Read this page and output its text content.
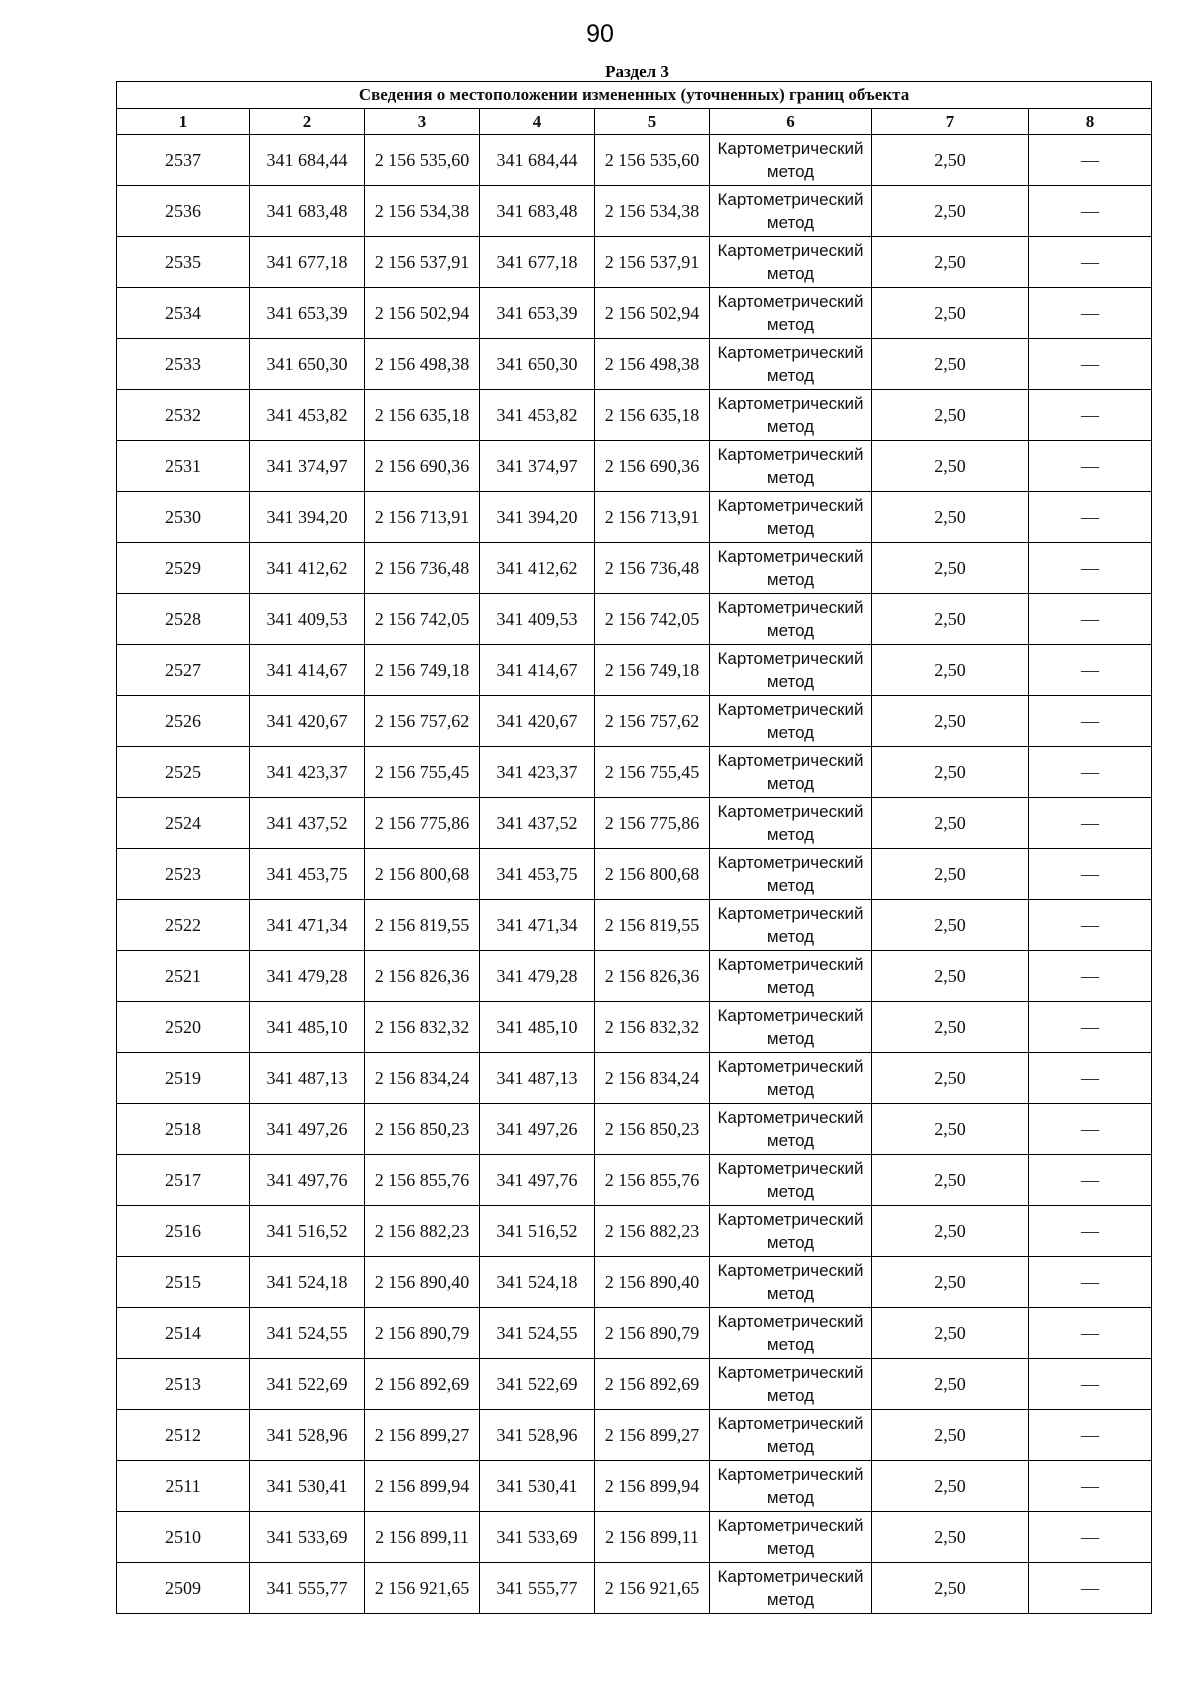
90
Раздел 3
Сведения о местоположении измененных (уточненных) границ объекта							
1	2	3	4	5	6	7	8
2537	341 684,44	2 156 535,60	341 684,44	2 156 535,60	Картометрический метод	2,50	—
2536	341 683,48	2 156 534,38	341 683,48	2 156 534,38	Картометрический метод	2,50	—
2535	341 677,18	2 156 537,91	341 677,18	2 156 537,91	Картометрический метод	2,50	—
2534	341 653,39	2 156 502,94	341 653,39	2 156 502,94	Картометрический метод	2,50	—
2533	341 650,30	2 156 498,38	341 650,30	2 156 498,38	Картометрический метод	2,50	—
2532	341 453,82	2 156 635,18	341 453,82	2 156 635,18	Картометрический метод	2,50	—
2531	341 374,97	2 156 690,36	341 374,97	2 156 690,36	Картометрический метод	2,50	—
2530	341 394,20	2 156 713,91	341 394,20	2 156 713,91	Картометрический метод	2,50	—
2529	341 412,62	2 156 736,48	341 412,62	2 156 736,48	Картометрический метод	2,50	—
2528	341 409,53	2 156 742,05	341 409,53	2 156 742,05	Картометрический метод	2,50	—
2527	341 414,67	2 156 749,18	341 414,67	2 156 749,18	Картометрический метод	2,50	—
2526	341 420,67	2 156 757,62	341 420,67	2 156 757,62	Картометрический метод	2,50	—
2525	341 423,37	2 156 755,45	341 423,37	2 156 755,45	Картометрический метод	2,50	—
2524	341 437,52	2 156 775,86	341 437,52	2 156 775,86	Картометрический метод	2,50	—
2523	341 453,75	2 156 800,68	341 453,75	2 156 800,68	Картометрический метод	2,50	—
2522	341 471,34	2 156 819,55	341 471,34	2 156 819,55	Картометрический метод	2,50	—
2521	341 479,28	2 156 826,36	341 479,28	2 156 826,36	Картометрический метод	2,50	—
2520	341 485,10	2 156 832,32	341 485,10	2 156 832,32	Картометрический метод	2,50	—
2519	341 487,13	2 156 834,24	341 487,13	2 156 834,24	Картометрический метод	2,50	—
2518	341 497,26	2 156 850,23	341 497,26	2 156 850,23	Картометрический метод	2,50	—
2517	341 497,76	2 156 855,76	341 497,76	2 156 855,76	Картометрический метод	2,50	—
2516	341 516,52	2 156 882,23	341 516,52	2 156 882,23	Картометрический метод	2,50	—
2515	341 524,18	2 156 890,40	341 524,18	2 156 890,40	Картометрический метод	2,50	—
2514	341 524,55	2 156 890,79	341 524,55	2 156 890,79	Картометрический метод	2,50	—
2513	341 522,69	2 156 892,69	341 522,69	2 156 892,69	Картометрический метод	2,50	—
2512	341 528,96	2 156 899,27	341 528,96	2 156 899,27	Картометрический метод	2,50	—
2511	341 530,41	2 156 899,94	341 530,41	2 156 899,94	Картометрический метод	2,50	—
2510	341 533,69	2 156 899,11	341 533,69	2 156 899,11	Картометрический метод	2,50	—
2509	341 555,77	2 156 921,65	341 555,77	2 156 921,65	Картометрический метод	2,50	—
